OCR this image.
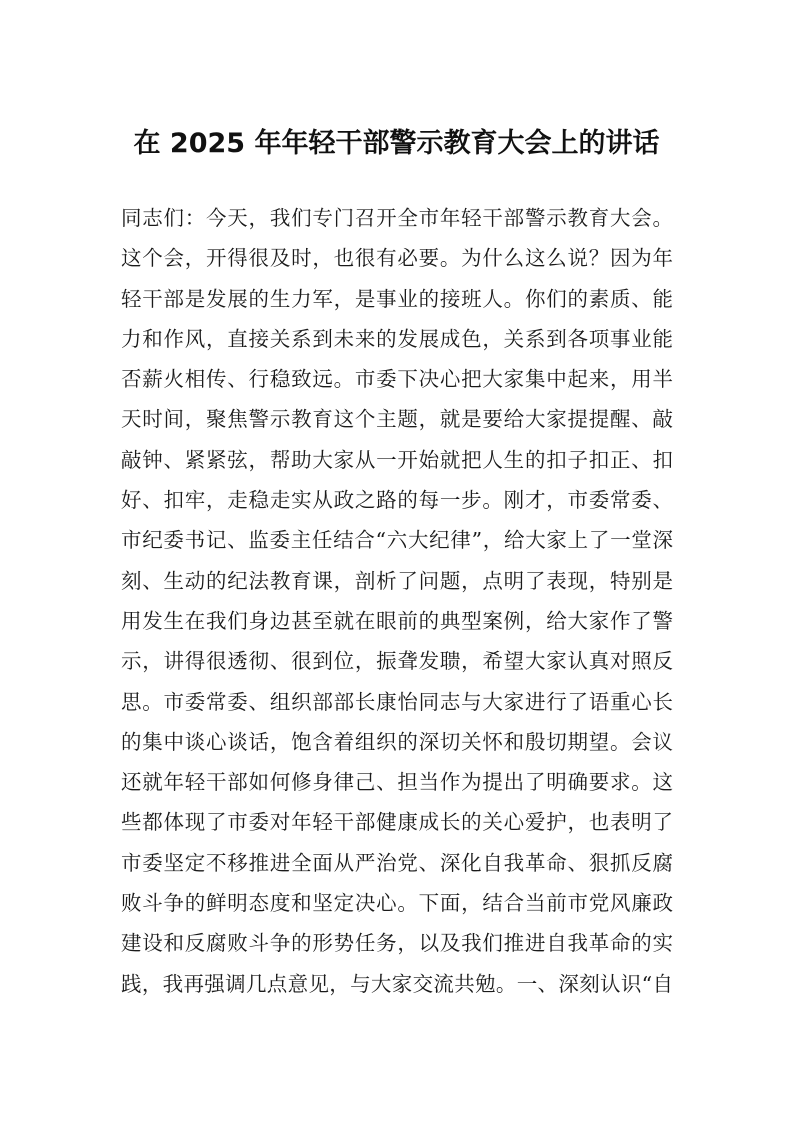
在 2025 年年轻干部警示教育大会上的讲话
同志们：今天，我们专门召开全市年轻干部警示教育大会。
这个会，开得很及时，也很有必要。为什么这么说？因为年
轻干部是发展的生力军，是事业的接班人。你们的素质、能
力和作风，直接关系到未来的发展成色，关系到各项事业能
否薪火相传、行稳致远。市委下决心把大家集中起来，用半
天时间，聚焦警示教育这个主题，就是要给大家提提醒、敲
敲钟、紧紧弦，帮助大家从一开始就把人生的扣子扣正、扣
好、扣牢，走稳走实从政之路的每一步。刚才，市委常委、
市纪委书记、监委主任结合“六大纪律”，给大家上了一堂深
刻、生动的纪法教育课，剖析了问题，点明了表现，特别是
用发生在我们身边甚至就在眼前的典型案例，给大家作了警
示，讲得很透彻、很到位，振聋发聩，希望大家认真对照反
思。市委常委、组织部部长康怡同志与大家进行了语重心长
的集中谈心谈话，饱含着组织的深切关怀和殷切期望。会议
还就年轻干部如何修身律己、担当作为提出了明确要求。这
些都体现了市委对年轻干部健康成长的关心爱护，也表明了
市委坚定不移推进全面从严治党、深化自我革命、狠抓反腐
败斗争的鲜明态度和坚定决心。下面，结合当前市党风廉政
建设和反腐败斗争的形势任务，以及我们推进自我革命的实
践，我再强调几点意见，与大家交流共勉。一、深刻认识“自
